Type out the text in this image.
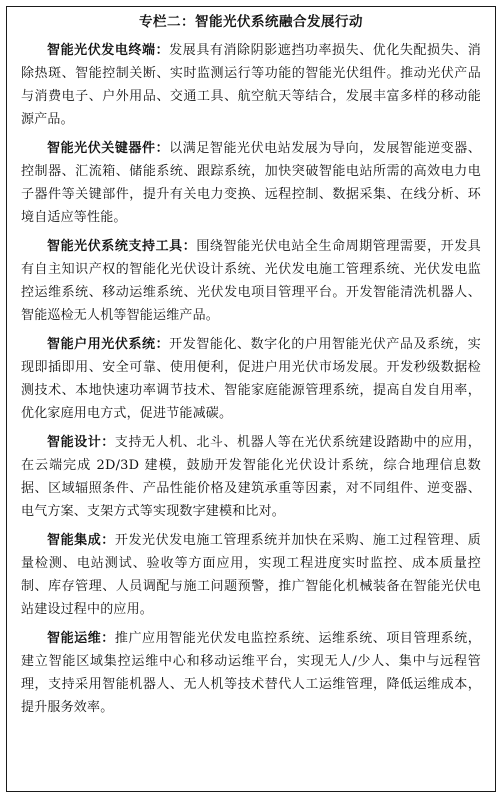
专栏二：智能光伏系统融合发展行动

智能光伏发电终端：发展具有消除阴影遮挡功率损失、优化失配损失、消除热斑、智能控制关断、实时监测运行等功能的智能光伏组件。推动光伏产品与消费电子、户外用品、交通工具、航空航天等结合，发展丰富多样的移动能源产品。

智能光伏关键器件：以满足智能光伏电站发展为导向，发展智能逆变器、控制器、汇流箱、储能系统、跟踪系统，加快突破智能电站所需的高效电力电子器件等关键部件，提升有关电力变换、远程控制、数据采集、在线分析、环境自适应等性能。

智能光伏系统支持工具：围绕智能光伏电站全生命周期管理需要，开发具有自主知识产权的智能化光伏设计系统、光伏发电施工管理系统、光伏发电监控运维系统、移动运维系统、光伏发电项目管理平台。开发智能清洗机器人、智能巡检无人机等智能运维产品。

智能户用光伏系统：开发智能化、数字化的户用智能光伏产品及系统，实现即插即用、安全可靠、使用便利，促进户用光伏市场发展。开发秒级数据检测技术、本地快速功率调节技术、智能家庭能源管理系统，提高自发自用率，优化家庭用电方式，促进节能减碳。

智能设计：支持无人机、北斗、机器人等在光伏系统建设踏勘中的应用，在云端完成 2D/3D 建模，鼓励开发智能化光伏设计系统，综合地理信息数据、区域辐照条件、产品性能价格及建筑承重等因素，对不同组件、逆变器、电气方案、支架方式等实现数字建模和比对。

智能集成：开发光伏发电施工管理系统并加快在采购、施工过程管理、质量检测、电站测试、验收等方面应用，实现工程进度实时监控、成本质量控制、库存管理、人员调配与施工问题预警，推广智能化机械装备在智能光伏电站建设过程中的应用。

智能运维：推广应用智能光伏发电监控系统、运维系统、项目管理系统，建立智能区域集控运维中心和移动运维平台，实现无人/少人、集中与远程管理，支持采用智能机器人、无人机等技术替代人工运维管理，降低运维成本，提升服务效率。
